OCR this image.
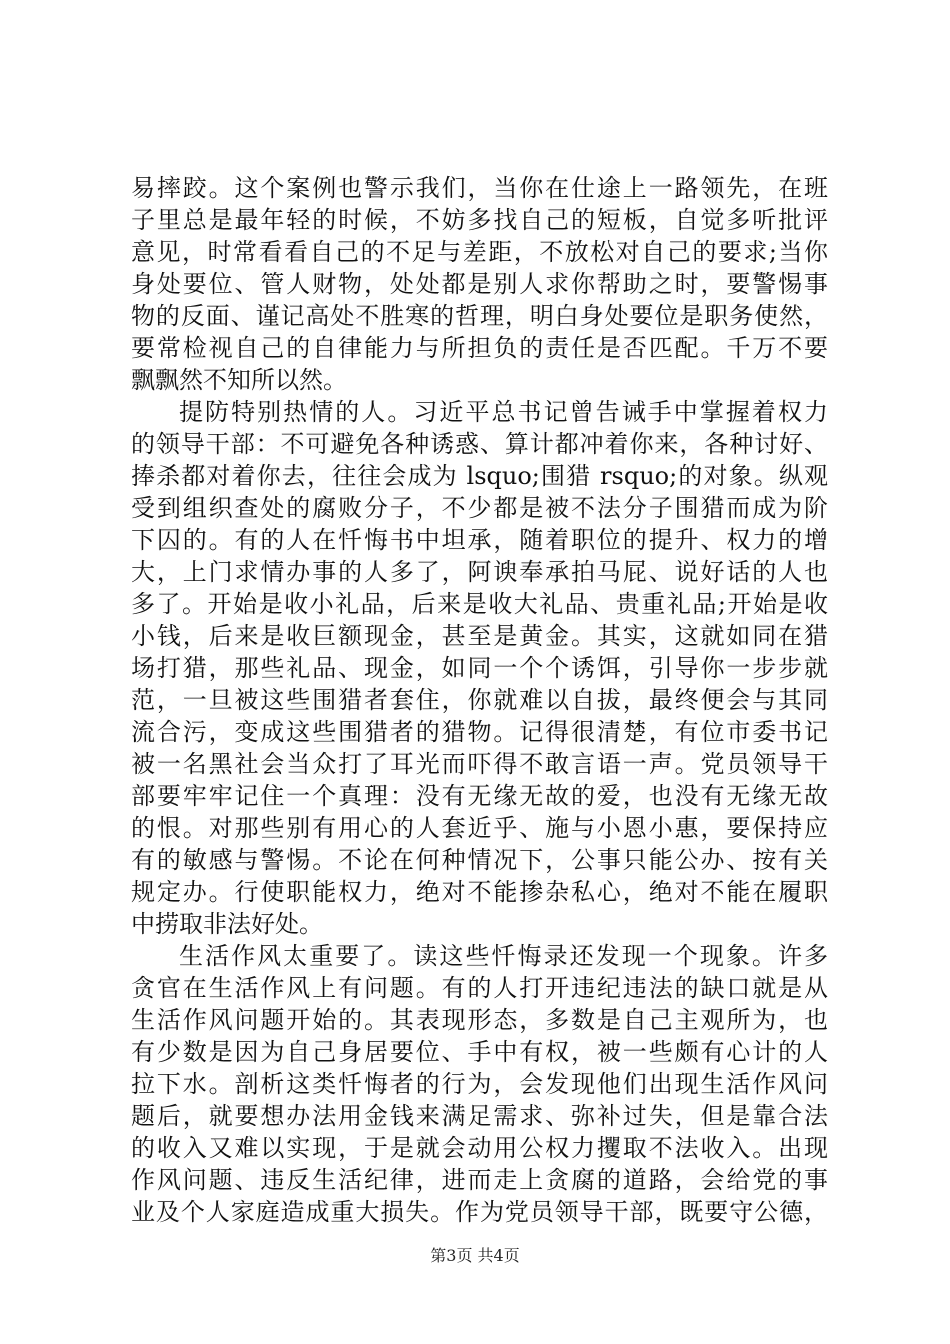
易摔跤。这个案例也警示我们，当你在仕途上一路领先，在班
子里总是最年轻的时候，不妨多找自己的短板，自觉多听批评
意见，时常看看自己的不足与差距，不放松对自己的要求;当你
身处要位、管人财物，处处都是别人求你帮助之时，要警惕事
物的反面、谨记高处不胜寒的哲理，明白身处要位是职务使然，
要常检视自己的自律能力与所担负的责任是否匹配。千万不要
飘飘然不知所以然。
提防特别热情的人。习近平总书记曾告诫手中掌握着权力
的领导干部：不可避免各种诱惑、算计都冲着你来，各种讨好、
捧杀都对着你去，往往会成为 lsquo;围猎 rsquo;的对象。纵观
受到组织查处的腐败分子，不少都是被不法分子围猎而成为阶
下囚的。有的人在忏悔书中坦承，随着职位的提升、权力的增
大，上门求情办事的人多了，阿谀奉承拍马屁、说好话的人也
多了。开始是收小礼品，后来是收大礼品、贵重礼品;开始是收
小钱，后来是收巨额现金，甚至是黄金。其实，这就如同在猎
场打猎，那些礼品、现金，如同一个个诱饵，引导你一步步就
范，一旦被这些围猎者套住，你就难以自拔，最终便会与其同
流合污，变成这些围猎者的猎物。记得很清楚，有位市委书记
被一名黑社会当众打了耳光而吓得不敢言语一声。党员领导干
部要牢牢记住一个真理：没有无缘无故的爱，也没有无缘无故
的恨。对那些别有用心的人套近乎、施与小恩小惠，要保持应
有的敏感与警惕。不论在何种情况下，公事只能公办、按有关
规定办。行使职能权力，绝对不能掺杂私心，绝对不能在履职
中捞取非法好处。
生活作风太重要了。读这些忏悔录还发现一个现象。许多
贪官在生活作风上有问题。有的人打开违纪违法的缺口就是从
生活作风问题开始的。其表现形态，多数是自己主观所为，也
有少数是因为自己身居要位、手中有权，被一些颇有心计的人
拉下水。剖析这类忏悔者的行为，会发现他们出现生活作风问
题后，就要想办法用金钱来满足需求、弥补过失，但是靠合法
的收入又难以实现，于是就会动用公权力攫取不法收入。出现
作风问题、违反生活纪律，进而走上贪腐的道路，会给党的事
业及个人家庭造成重大损失。作为党员领导干部，既要守公德，
第3页 共4页
